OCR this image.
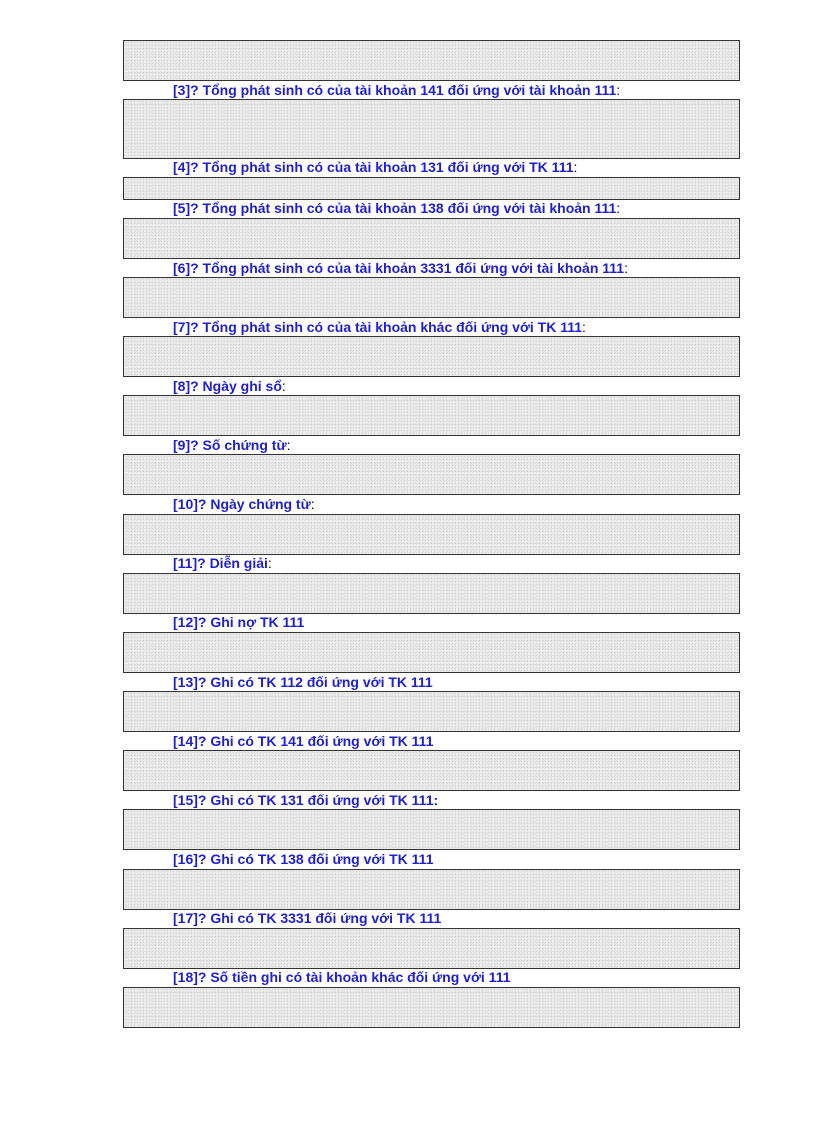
[3]? Tổng phát sinh có của tài khoản 141 đối ứng với tài khoản 111:
[4]? Tổng phát sinh có của tài khoản 131 đối ứng với TK 111:
[5]? Tổng phát sinh có của tài khoản 138 đối ứng với tài khoản 111:
[6]? Tổng phát sinh có của tài khoản 3331 đối ứng với tài khoản 111:
[7]? Tổng phát sinh có của tài khoản khác đối ứng với TK 111:
[8]? Ngày ghi sổ:
[9]? Số chứng từ:
[10]? Ngày chứng từ:
[11]? Diễn giải:
[12]? Ghi nợ TK 111
[13]? Ghi có TK 112 đối ứng với TK 111
[14]? Ghi có TK 141 đối ứng với TK 111
[15]? Ghi có TK 131 đối ứng với TK 111:
[16]? Ghi có TK 138 đối ứng với TK 111
[17]? Ghi có TK 3331 đối ứng với TK 111
[18]? Số tiền ghi có tài khoản khác đối ứng với 111
